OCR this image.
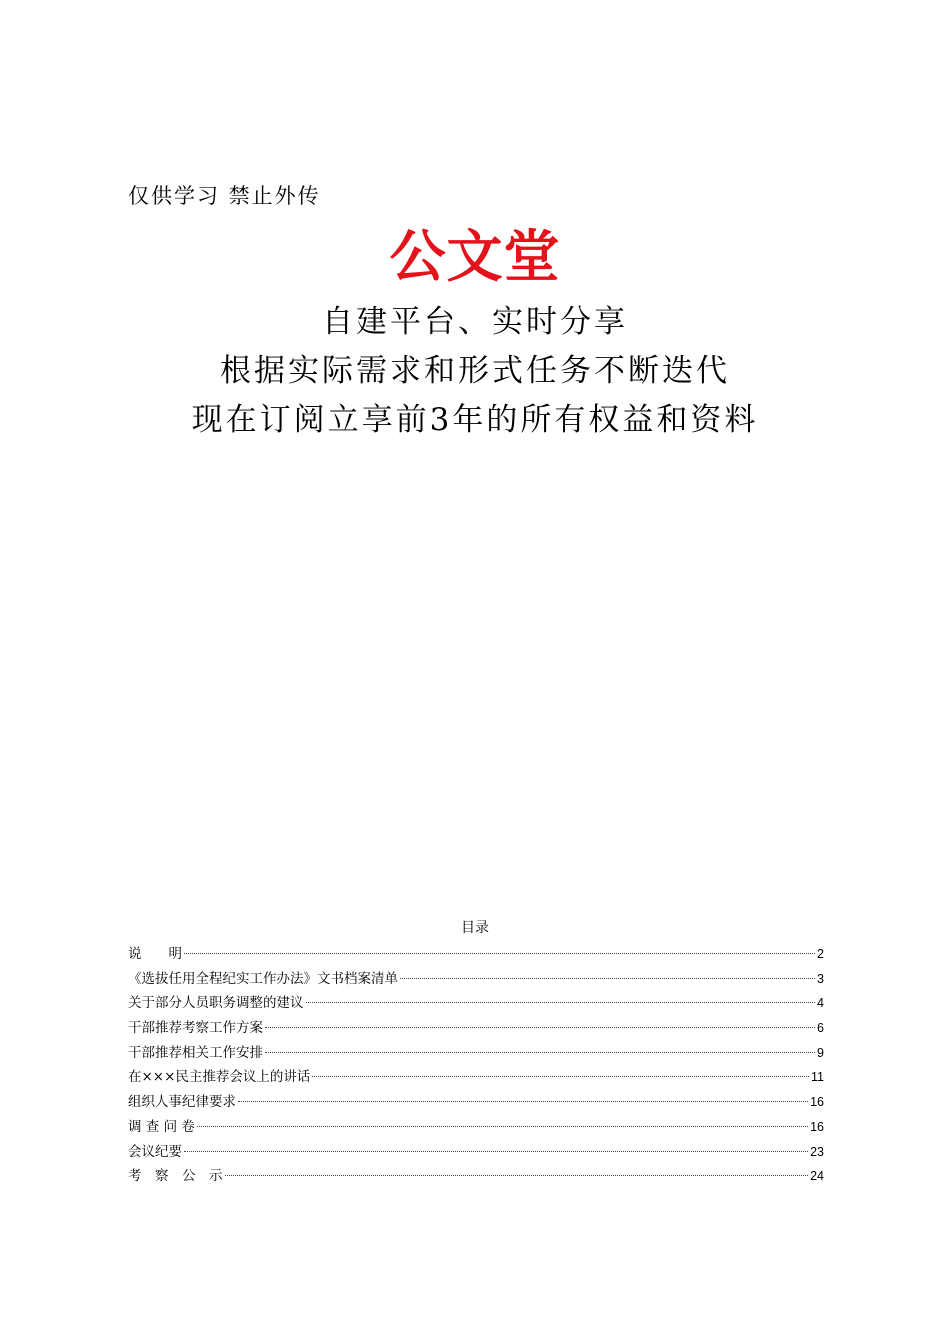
仅供学习 禁止外传
公文堂
自建平台、实时分享
根据实际需求和形式任务不断迭代
现在订阅立享前3年的所有权益和资料
目录
说　　明	2
《选拔任用全程纪实工作办法》文书档案清单	3
关于部分人员职务调整的建议	4
干部推荐考察工作方案	6
干部推荐相关工作安排	9
在×××民主推荐会议上的讲话	11
组织人事纪律要求	16
调 查 问 卷	16
会议纪要	23
考　察　公　示	24
